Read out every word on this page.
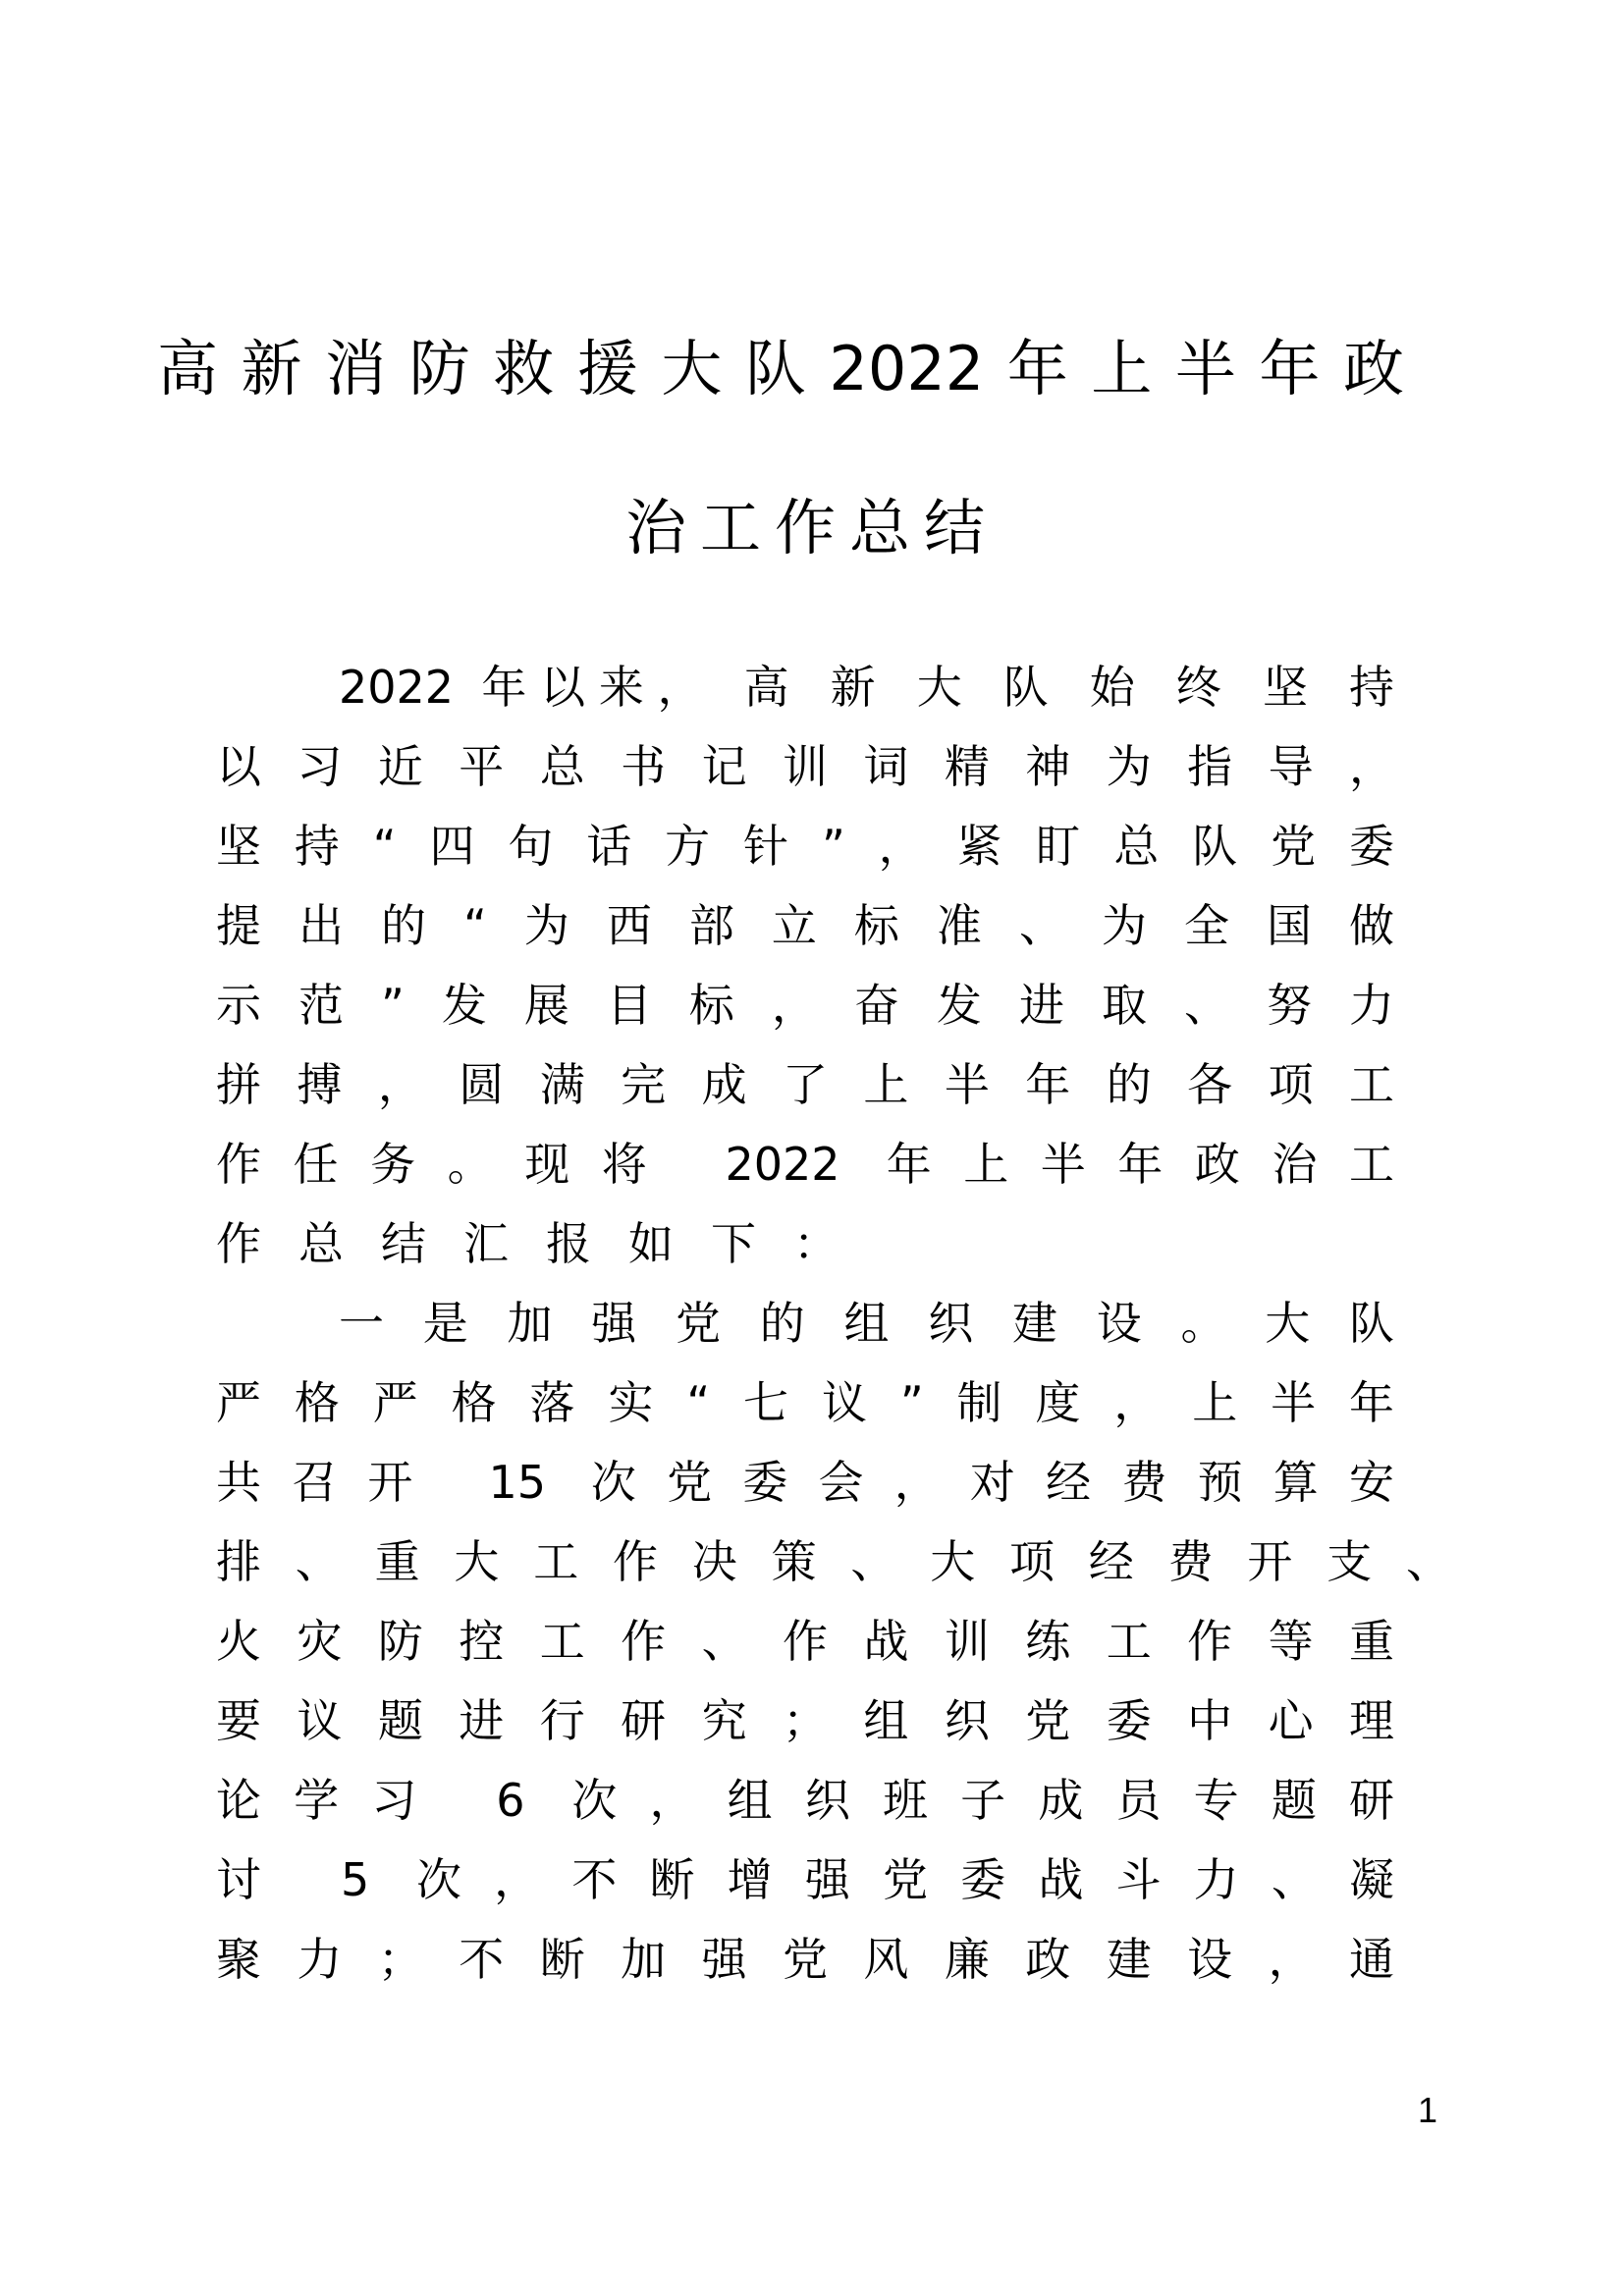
高新消防救援大队2022年上半年政
治工作总结
2022 年以来， 高 新 大 队 始 终 坚 持
以习近平总书记训词精神为指导，
坚持“四句话方针”，紧盯总队党委
提出的“为西部立标准、为全国做
示范”发展目标，奋发进取、努力
拼搏，圆满完成了上半年的各项工
作任务。现将 2022 年上半年政治工
作总结汇报如下：
一是加强党的组织建设。大队
严格严格落实“七议”制度，上半年
共召开 15 次党委会，对经费预算安
排、重大工作决策、大项经费开支、
火灾防控工作、作战训练工作等重
要议题进行研究；组织党委中心理
论学习 6 次，组织班子成员专题研
讨 5 次，不断增强党委战斗力、凝
聚力；不断加强党风廉政建设，通
1
